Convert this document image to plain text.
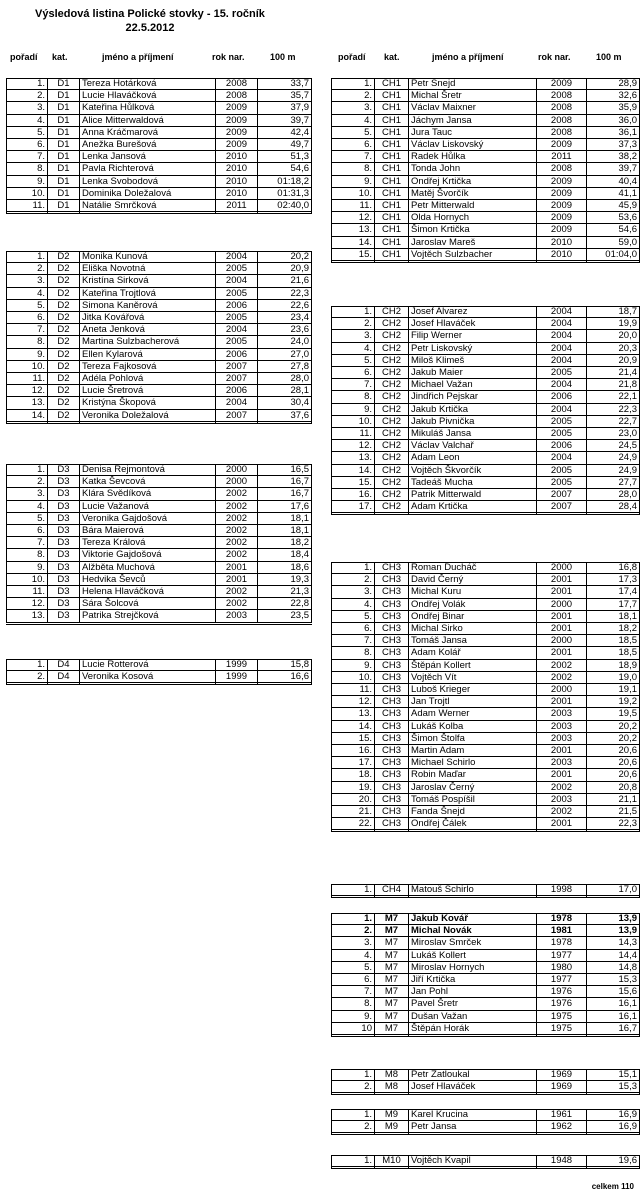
Výsledová listina Polické stovky - 15. ročník
22.5.2012
pořadí kat.	jméno a příjmení	rok nar.	100 m	pořadí kat.	jméno a příjmení	rok nar.	100 m
1.	D1	Tereza Hotárková	2008	33,7
2.	D1	Lucie Hlaváčková	2008	35,7
3.	D1	Kateřina Hůlková	2009	37,9
4.	D1	Alice Mitterwaldová	2009	39,7
5.	D1	Anna Kráčmarová	2009	42,4
6.	D1	Anežka Burešová	2009	49,7
7.	D1	Lenka Jansová	2010	51,3
8.	D1	Pavla Richterová	2010	54,6
9.	D1	Lenka Svobodová	2010	01:18,2
10.	D1	Dominika Doležalová	2010	01:31,3
11.	D1	Natálie Smrčková	2011	02:40,0
1.	D2	Monika Kunová	2004	20,2
2.	D2	Eliška Novotná	2005	20,9
3.	D2	Kristína Sirková	2004	21,6
4.	D2	Kateřina Trojtlová	2005	22,3
5.	D2	Simona Kaněrová	2006	22,6
6.	D2	Jitka Kovářová	2005	23,4
7.	D2	Aneta Jenková	2004	23,6
8.	D2	Martina Sulzbacherová	2005	24,0
9.	D2	Ellen Kylarová	2006	27,0
10.	D2	Tereza Fajkosová	2007	27,8
11.	D2	Adéla Pohlová	2007	28,0
12.	D2	Lucie Šretrová	2006	28,1
13.	D2	Kristýna Škopová	2004	30,4
14.	D2	Veronika Doležalová	2007	37,6
1.	D3	Denisa Rejmontová	2000	16,5
2.	D3	Katka Ševcová	2000	16,7
3.	D3	Klára Svědíková	2002	16,7
4.	D3	Lucie Važanová	2002	17,6
5.	D3	Veronika Gajdošová	2002	18,1
6.	D3	Bára Maierová	2002	18,1
7.	D3	Tereza Králová	2002	18,2
8.	D3	Viktorie Gajdošová	2002	18,4
9.	D3	Alžběta Muchová	2001	18,6
10.	D3	Hedvika Ševců	2001	19,3
11.	D3	Helena Hlaváčková	2002	21,3
12.	D3	Sára Šolcová	2002	22,8
13.	D3	Patrika Strejčková	2003	23,5
1.	D4	Lucie Rotterová	1999	15,8
2.	D4	Veronika Kosová	1999	16,6
1.	CH1	Petr Šnejd	2009	28,9
2.	CH1	Michal Šretr	2008	32,6
3.	CH1	Václav Maixner	2008	35,9
4.	CH1	Jáchym Jansa	2008	36,0
5.	CH1	Jura Tauc	2008	36,1
6.	CH1	Václav Liskovský	2009	37,3
7.	CH1	Radek Hůlka	2011	38,2
8.	CH1	Tonda John	2008	39,7
9.	CH1	Ondřej Krtička	2009	40,4
10.	CH1	Matěj Švorčík	2009	41,1
11.	CH1	Petr Mitterwald	2009	45,9
12.	CH1	Olda Hornych	2009	53,6
13.	CH1	Šimon Krtička	2009	54,6
14.	CH1	Jaroslav Mareš	2010	59,0
15.	CH1	Vojtěch Sulzbacher	2010	01:04,0
1.	CH2	Josef Alvarez	2004	18,7
2.	CH2	Josef Hlaváček	2004	19,9
3.	CH2	Filip Werner	2004	20,0
4.	CH2	Petr Liskovský	2004	20,3
5.	CH2	Miloš Klimeš	2004	20,9
6.	CH2	Jakub Maier	2005	21,4
7.	CH2	Michael Važan	2004	21,8
8.	CH2	Jindřich Pejskar	2006	22,1
9.	CH2	Jakub Krtička	2004	22,3
10.	CH2	Jakub Pivnička	2005	22,7
11.	CH2	Mikuláš Jansa	2005	23,0
12.	CH2	Václav Valchař	2006	24,5
13.	CH2	Adam Leon	2004	24,9
14.	CH2	Vojtěch Škvorčík	2005	24,9
15.	CH2	Tadeáš Mucha	2005	27,7
16.	CH2	Patrik Mitterwald	2007	28,0
17.	CH2	Adam Krtička	2007	28,4
1.	CH3	Roman Ducháč	2000	16,8
2.	CH3	David Černý	2001	17,3
3.	CH3	Michal Kuru	2001	17,4
4.	CH3	Ondřej Volák	2000	17,7
5.	CH3	Ondřej Binar	2001	18,1
6.	CH3	Michal Sirko	2001	18,2
7.	CH3	Tomáš Jansa	2000	18,5
8.	CH3	Adam Kolář	2001	18,5
9.	CH3	Štěpán Kollert	2002	18,9
10.	CH3	Vojtěch Vít	2002	19,0
11.	CH3	Luboš Krieger	2000	19,1
12.	CH3	Jan Trojtl	2001	19,2
13.	CH3	Adam Werner	2003	19,5
14.	CH3	Lukáš Kolba	2003	20,2
15.	CH3	Šimon Štolfa	2003	20,2
16.	CH3	Martin Adam	2001	20,6
17.	CH3	Michael Schirlo	2003	20,6
18.	CH3	Robin Maďar	2001	20,6
19.	CH3	Jaroslav Černý	2002	20,8
20.	CH3	Tomáš Pospíšil	2003	21,1
21.	CH3	Fanda Šnejd	2002	21,5
22.	CH3	Ondřej Čálek	2001	22,3
1.	CH4	Matouš Schirlo	1998	17,0
1.	M7	Jakub Kovář	1978	13,9
2.	M7	Michal Novák	1981	13,9
3.	M7	Miroslav Smrček	1978	14,3
4.	M7	Lukáš Kollert	1977	14,4
5.	M7	Miroslav Hornych	1980	14,8
6.	M7	Jiří Krtička	1977	15,3
7.	M7	Jan Pohl	1976	15,6
8.	M7	Pavel Šretr	1976	16,1
9.	M7	Dušan Važan	1975	16,1
10	M7	Štěpán Horák	1975	16,7
1.	M8	Petr Zatloukal	1969	15,1
2.	M8	Josef Hlaváček	1969	15,3
1.	M9	Karel Krucina	1961	16,9
2.	M9	Petr Jansa	1962	16,9
1.	M10	Vojtěch Kvapil	1948	19,6
celkem 110
